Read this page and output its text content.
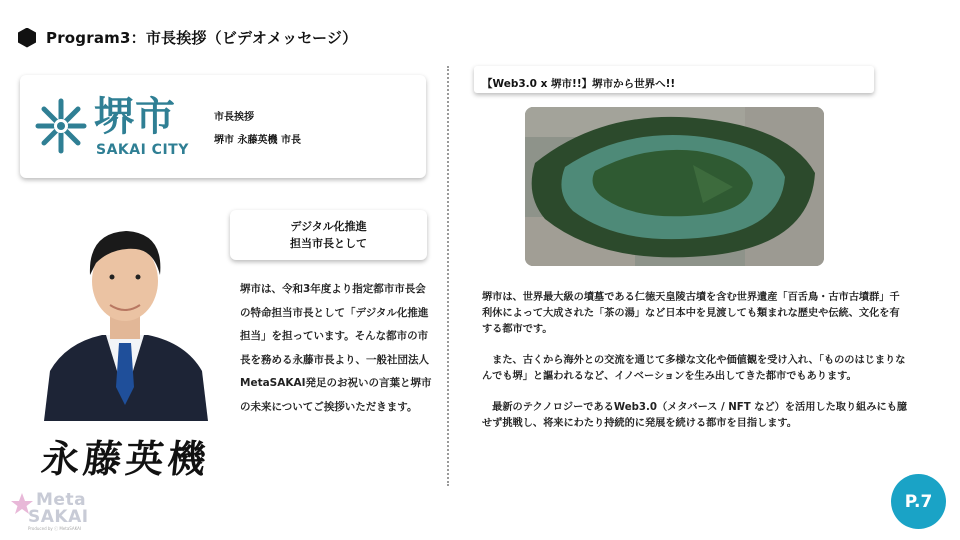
Program3：市長挨拶（ビデオメッセージ）
堺市
SAKAI CITY
市長挨拶
堺市 永藤英機 市長
永藤英機
デジタル化推進
担当市長として
堺市は、令和3年度より指定都市市長会の特命担当市長として「デジタル化推進担当」を担っています。そんな都市の市長を務める永藤市長より、一般社団法人MetaSAKAI発足のお祝いの言葉と堺市の未来についてご挨拶いただきます。
【Web3.0 x 堺市!!】堺市から世界へ!!

堺市は、世界最大級の墳墓である仁徳天皇陵古墳を含む世界遺産「百舌鳥・古市古墳群」千利休によって大成された「茶の湯」など日本中を見渡しても類まれな歴史や伝統、文化を有する都市です。

　また、古くから海外との交流を通じて多様な文化や価値観を受け入れ、「もののはじまりなんでも堺」と謳われるなど、イノベーションを生み出してきた都市でもあります。

　最新のテクノロジーであるWeb3.0（メタバース / NFT など）を活用した取り組みにも臆せず挑戦し、将来にわたり持続的に発展を続ける都市を目指します。

Meta
SAKAI
Produced by ⓒ MetaSAKAI
P.7
